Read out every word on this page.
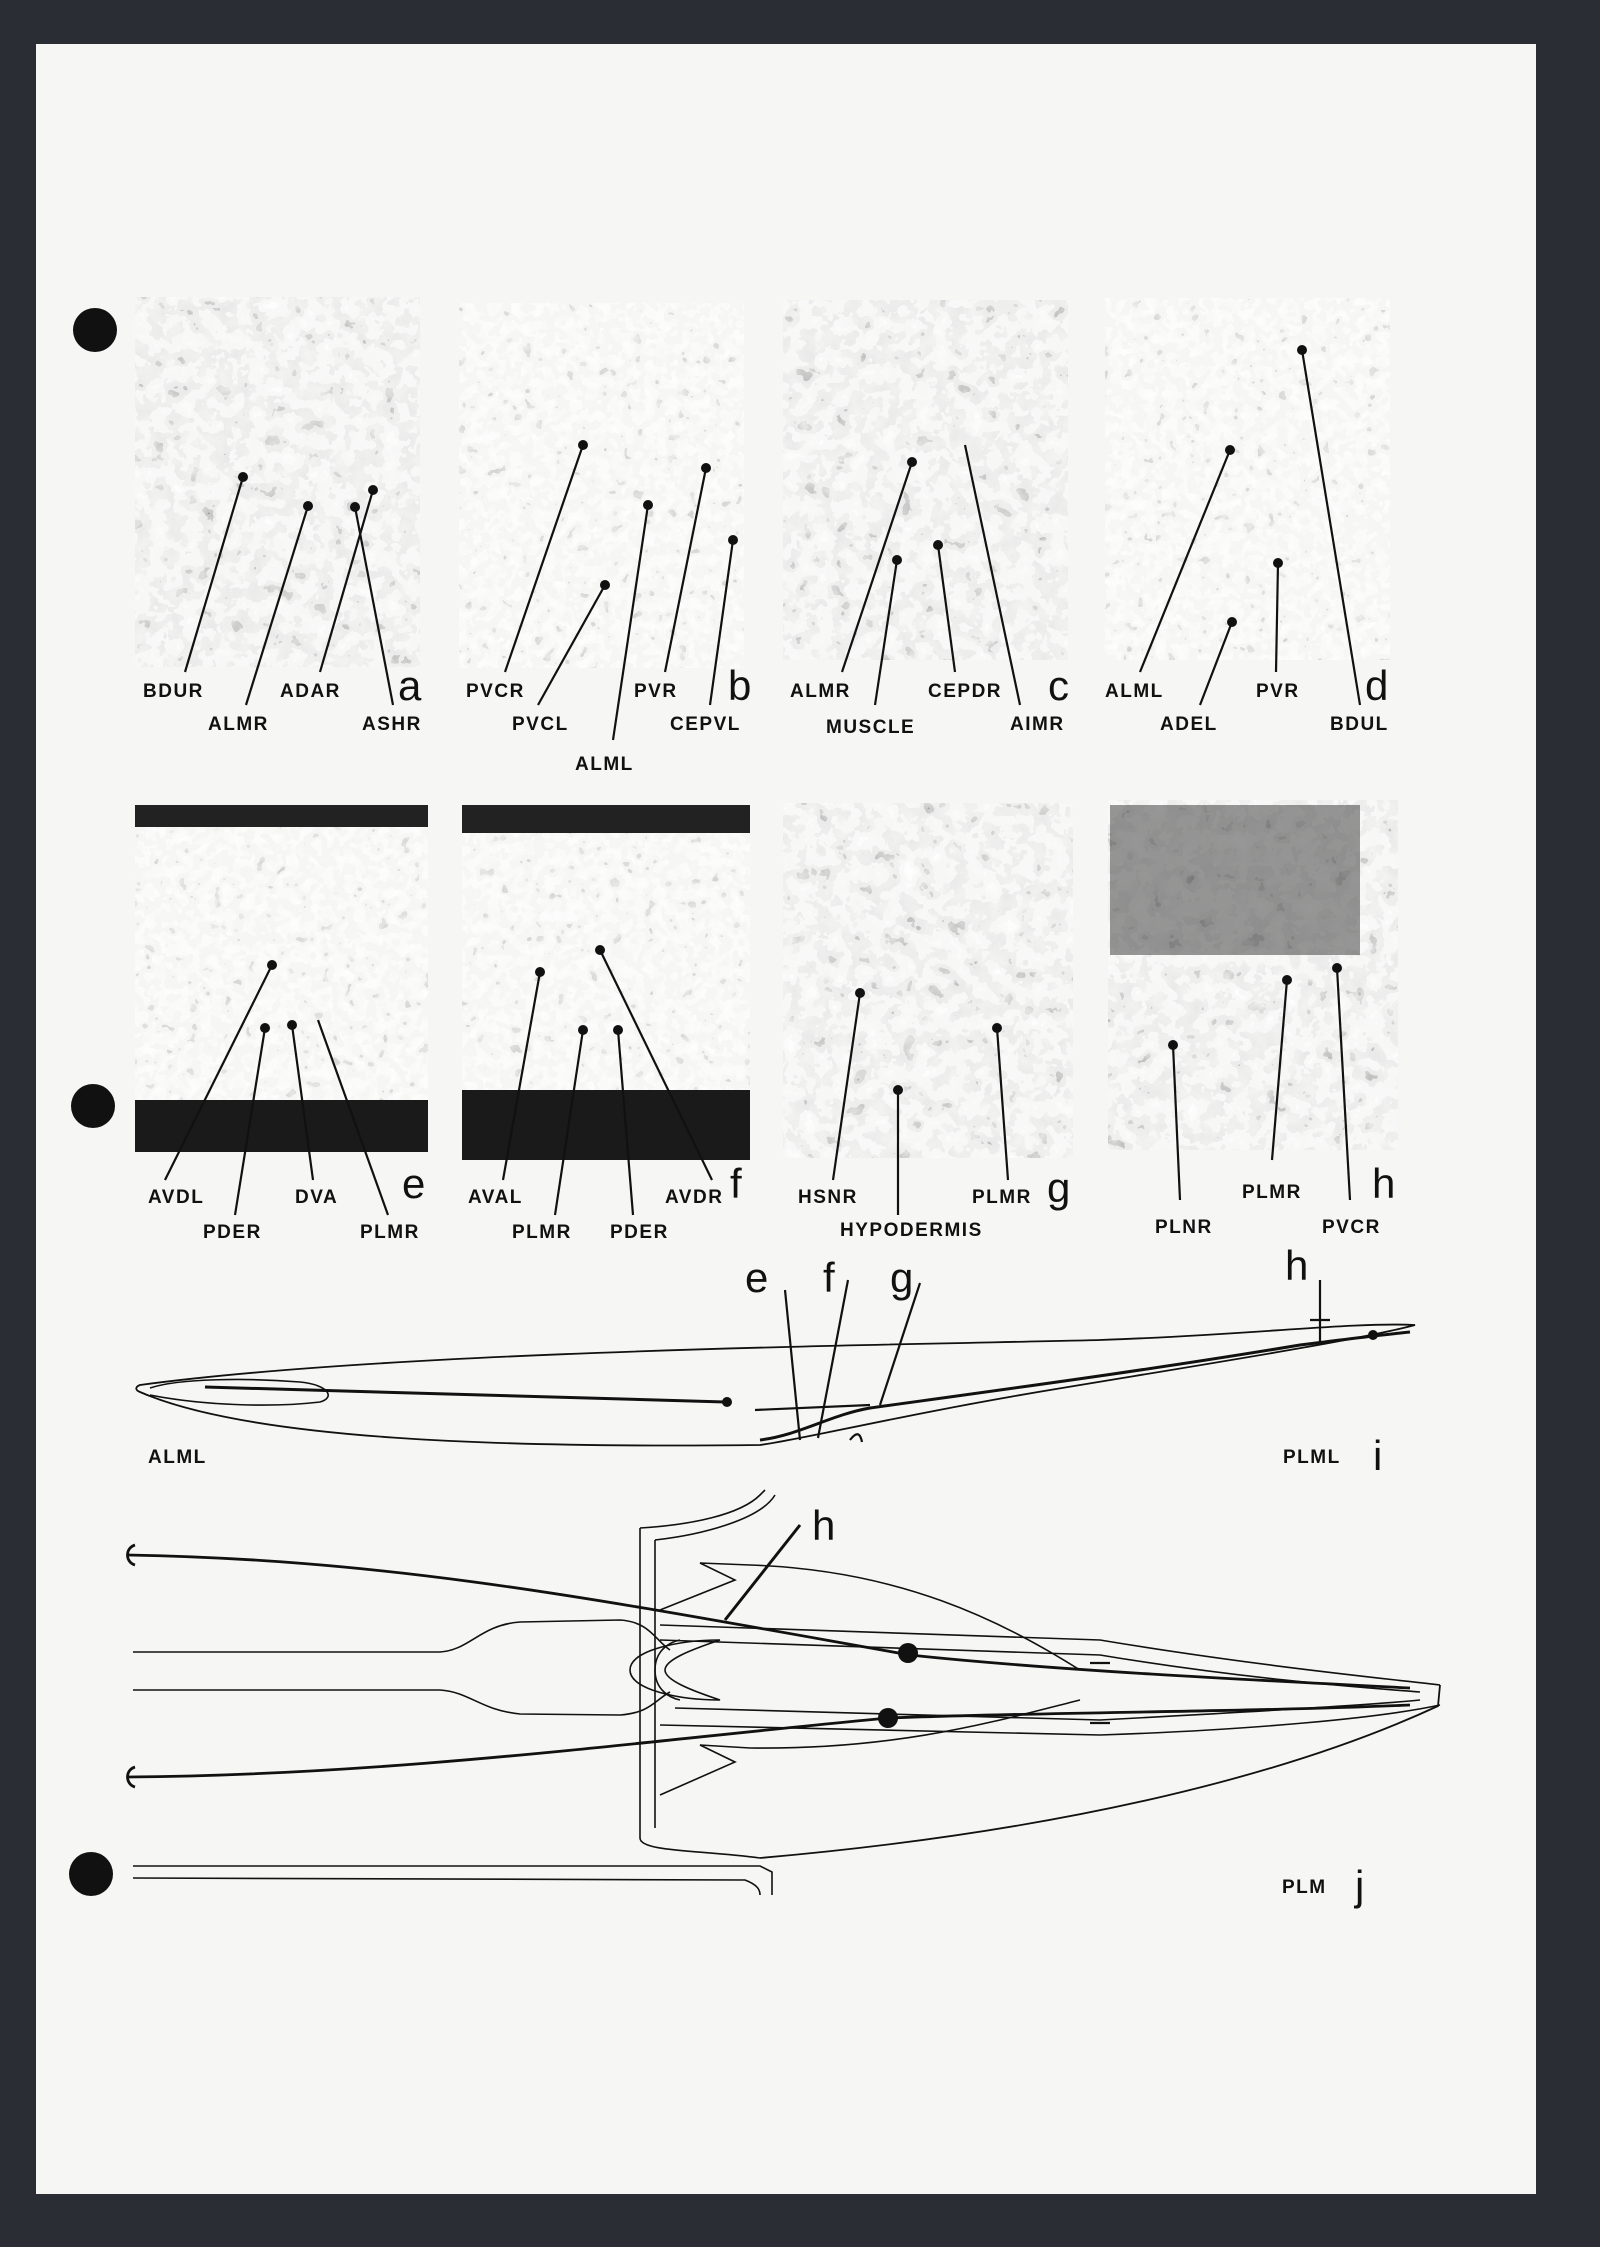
BDUR
ALMR
ADAR
ASHR
a PVCR
PVCL
ALML
PVR
CEPVL
b ALMR
MUSCLE
CEPDR
AIMR
c ALML
ADEL
PVR
BDUL
d
AVDL
PDER
DVA
PLMR
e AVAL
PLMR PDER
AVDR f	HSNR
HYPODERMIS
PLMR g
PLNR
PLMR
PVCR
h
e f g	h
ALML	PLML i
h
PLM j
